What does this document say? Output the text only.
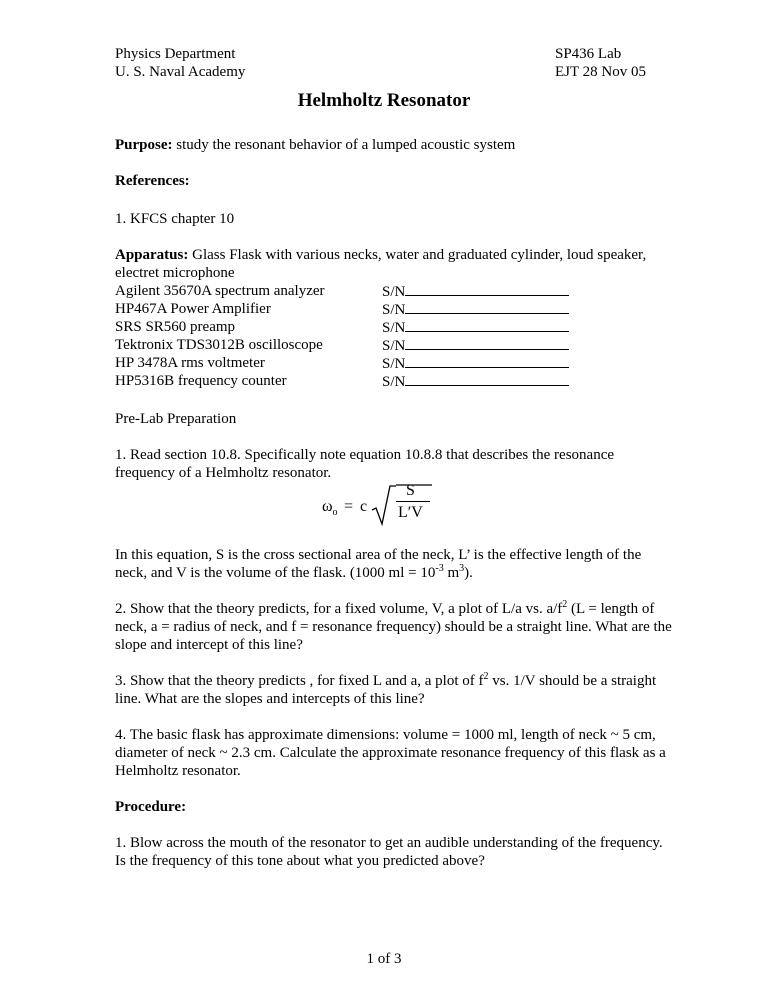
Physics Department
U. S. Naval Academy
SP436 Lab
EJT 28 Nov 05
Helmholtz Resonator
Purpose: study the resonant behavior of a lumped acoustic system
References:
1. KFCS chapter 10
Apparatus: Glass Flask with various necks, water and graduated cylinder, loud speaker,
electret microphone
Agilent 35670A spectrum analyzer	S/N
HP467A Power Amplifier	S/N
SRS SR560 preamp	S/N
Tektronix TDS3012B oscilloscope	S/N
HP 3478A rms voltmeter	S/N
HP5316B frequency counter	S/N
Pre-Lab Preparation
1. Read section 10.8. Specifically note equation 10.8.8 that describes the resonance
frequency of a Helmholtz resonator.
$\omega_o = c$
S
L′V
In this equation, S is the cross sectional area of the neck, L’ is the effective length of the
neck, and V is the volume of the flask. (1000 ml = $10^{-3}$ $m^3$).
2. Show that the theory predicts, for a fixed volume, V, a plot of L/a vs. $a/f^2$ (L = length of
neck, a = radius of neck, and f = resonance frequency) should be a straight line. What are the
slope and intercept of this line?
3. Show that the theory predicts , for fixed L and a, a plot of $f^2$ vs. 1/V should be a straight
line. What are the slopes and intercepts of this line?
4. The basic flask has approximate dimensions: volume = 1000 ml, length of neck ~ 5 cm,
diameter of neck ~ 2.3 cm. Calculate the approximate resonance frequency of this flask as a
Helmholtz resonator.
Procedure:
1. Blow across the mouth of the resonator to get an audible understanding of the frequency.
Is the frequency of this tone about what you predicted above?
1 of 3
